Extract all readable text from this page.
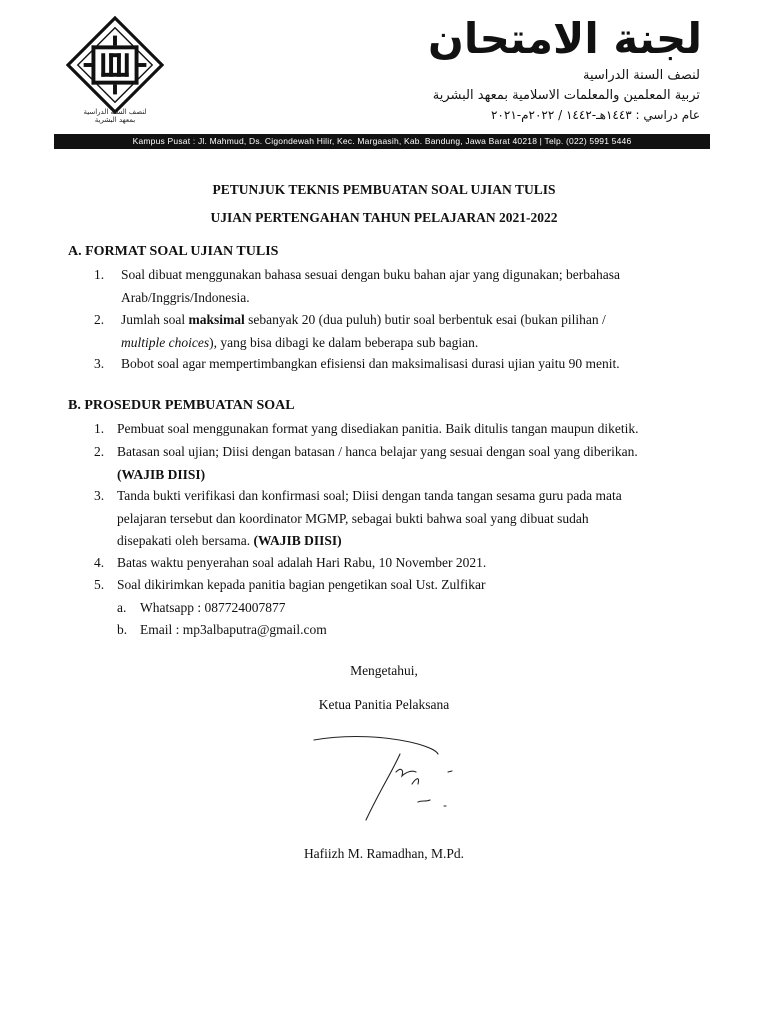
لنصف السنة الدراسية
بمعهد البشرية
لجنة الامتحان
لنصف السنة الدراسية
تربية المعلمين والمعلمات الاسلامية بمعهد البشرية
عام دراسي : ١٤٤٣هـ-١٤٤٢ / ٢٠٢٢م-٢٠٢١
Kampus Pusat : Jl. Mahmud, Ds. Cigondewah Hilir, Kec. Margaasih, Kab. Bandung, Jawa Barat 40218 | Telp. (022) 5991 5446
PETUNJUK TEKNIS PEMBUATAN SOAL UJIAN TULIS
UJIAN PERTENGAHAN TAHUN PELAJARAN 2021-2022
A. FORMAT SOAL UJIAN TULIS
1. Soal dibuat menggunakan bahasa sesuai dengan buku bahan ajar yang digunakan; berbahasa
Arab/Inggris/Indonesia.
2. Jumlah soal maksimal sebanyak 20 (dua puluh) butir soal berbentuk esai (bukan pilihan /
multiple choices), yang bisa dibagi ke dalam beberapa sub bagian.
3. Bobot soal agar mempertimbangkan efisiensi dan maksimalisasi durasi ujian yaitu 90 menit.
B. PROSEDUR PEMBUATAN SOAL
1. Pembuat soal menggunakan format yang disediakan panitia. Baik ditulis tangan maupun diketik.
2. Batasan soal ujian; Diisi dengan batasan / hanca belajar yang sesuai dengan soal yang diberikan.
(WAJIB DIISI)
3. Tanda bukti verifikasi dan konfirmasi soal; Diisi dengan tanda tangan sesama guru pada mata
pelajaran tersebut dan koordinator MGMP, sebagai bukti bahwa soal yang dibuat sudah
disepakati oleh bersama. (WAJIB DIISI)
4. Batas waktu penyerahan soal adalah Hari Rabu, 10 November 2021.
5. Soal dikirimkan kepada panitia bagian pengetikan soal Ust. Zulfikar
a. Whatsapp : 087724007877
b. Email : mp3albaputra@gmail.com
Mengetahui,
Ketua Panitia Pelaksana
Hafiizh M. Ramadhan, M.Pd.
